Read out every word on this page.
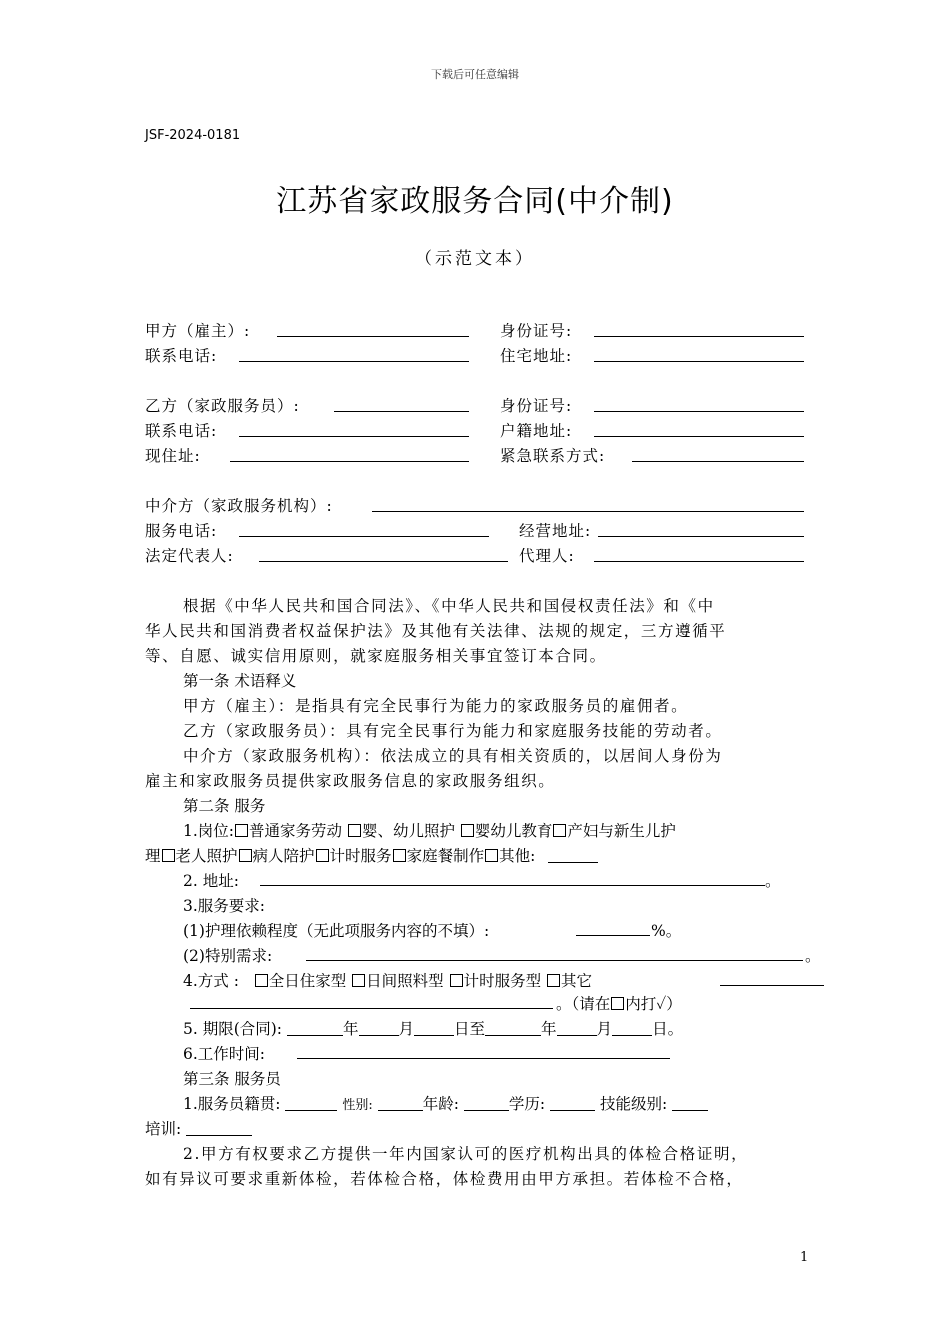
下载后可任意编辑
JSF-2024-0181
江苏省家政服务合同(中介制)
（示范文本）
甲方（雇主）:	身份证号:
联系电话:	住宅地址:
乙方（家政服务员）:	身份证号:
联系电话:	户籍地址:
现住址:	紧急联系方式:
中介方（家政服务机构）:
服务电话:	经营地址:
法定代表人:	代理人:
根据《中华人民共和国合同法》、《中华人民共和国侵权责任法》和《中
华人民共和国消费者权益保护法》及其他有关法律、法规的规定，三方遵循平
等、自愿、诚实信用原则，就家庭服务相关事宜签订本合同。
第一条 术语释义
甲方（雇主）：是指具有完全民事行为能力的家政服务员的雇佣者。
乙方（家政服务员）：具有完全民事行为能力和家庭服务技能的劳动者。
中介方（家政服务机构）：依法成立的具有相关资质的，以居间人身份为
雇主和家政服务员提供家政服务信息的家政服务组织。
第二条 服务
1.岗位: 普通家务劳动 婴、幼儿照护 婴幼儿教育 产妇与新生儿护
理 老人照护 病人陪护 计时服务 家庭餐制作 其他:
2. 地址:	。
3.服务要求:
(1)护理依赖程度（无此项服务内容的不填）:	%。
(2)特别需求:	。
4.方式 : 全日住家型 日间照料型 计时服务型 其它
。（请在 内打✓）
5. 期限(合同):	年	月	日至	年	月	日。
6.工作时间:
第三条 服务员
1.服务员籍贯:	性别:	年龄:	学历:	技能级别:
培训:
2.甲方有权要求乙方提供一年内国家认可的医疗机构出具的体检合格证明，
如有异议可要求重新体检，若体检合格，体检费用由甲方承担。若体检不合格，
1
